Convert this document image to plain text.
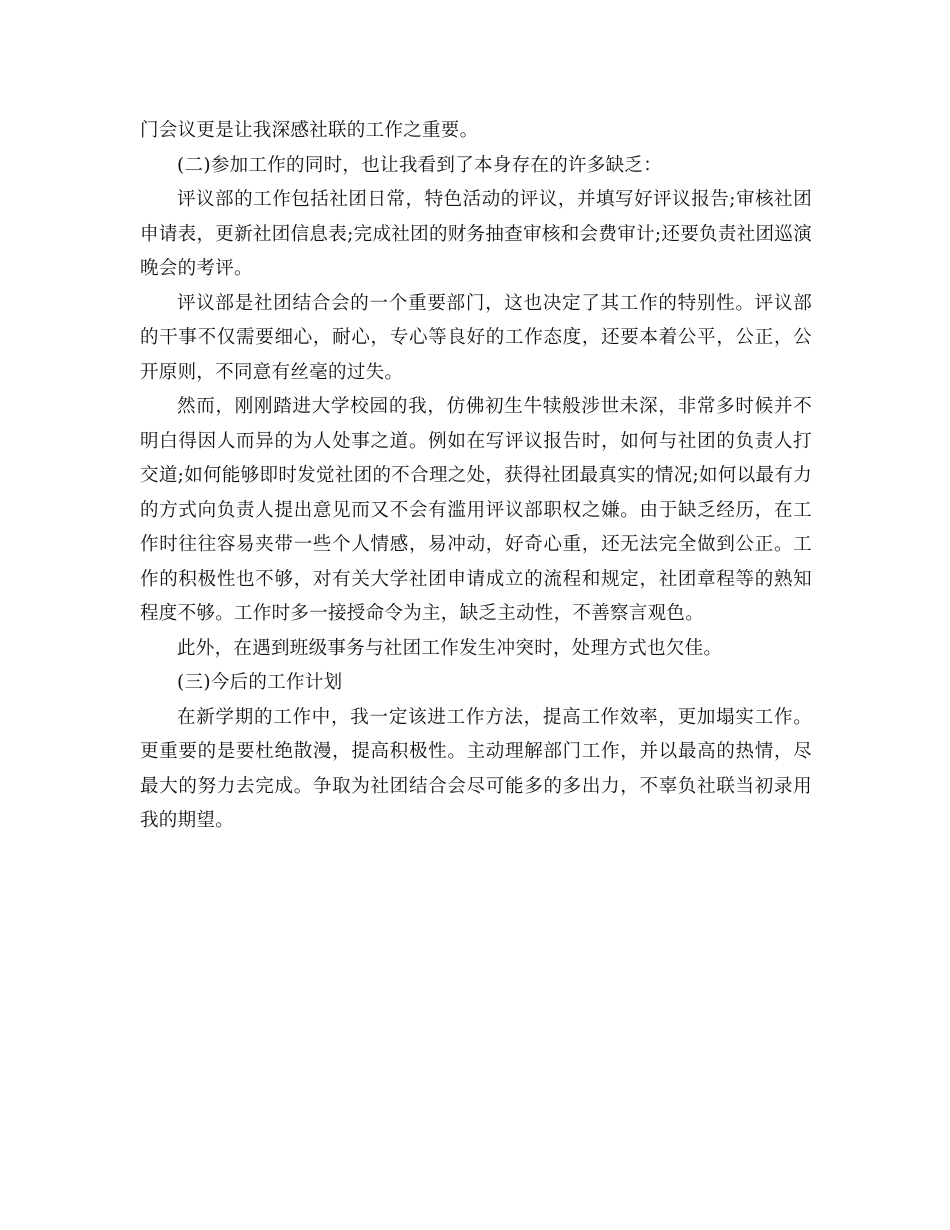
门会议更是让我深感社联的工作之重要。

(二)参加工作的同时，也让我看到了本身存在的许多缺乏：

评议部的工作包括社团日常，特色活动的评议，并填写好评议报告;审核社团申请表，更新社团信息表;完成社团的财务抽查审核和会费审计;还要负责社团巡演晚会的考评。

评议部是社团结合会的一个重要部门，这也决定了其工作的特别性。评议部的干事不仅需要细心，耐心，专心等良好的工作态度，还要本着公平，公正，公开原则，不同意有丝毫的过失。

然而，刚刚踏进大学校园的我，仿佛初生牛犊般涉世未深，非常多时候并不明白得因人而异的为人处事之道。例如在写评议报告时，如何与社团的负责人打交道;如何能够即时发觉社团的不合理之处，获得社团最真实的情况;如何以最有力的方式向负责人提出意见而又不会有滥用评议部职权之嫌。由于缺乏经历，在工作时往往容易夹带一些个人情感，易冲动，好奇心重，还无法完全做到公正。工作的积极性也不够，对有关大学社团申请成立的流程和规定，社团章程等的熟知程度不够。工作时多一接授命令为主，缺乏主动性，不善察言观色。

此外，在遇到班级事务与社团工作发生冲突时，处理方式也欠佳。

(三)今后的工作计划

在新学期的工作中，我一定该进工作方法，提高工作效率，更加塌实工作。更重要的是要杜绝散漫，提高积极性。主动理解部门工作，并以最高的热情，尽最大的努力去完成。争取为社团结合会尽可能多的多出力，不辜负社联当初录用我的期望。
